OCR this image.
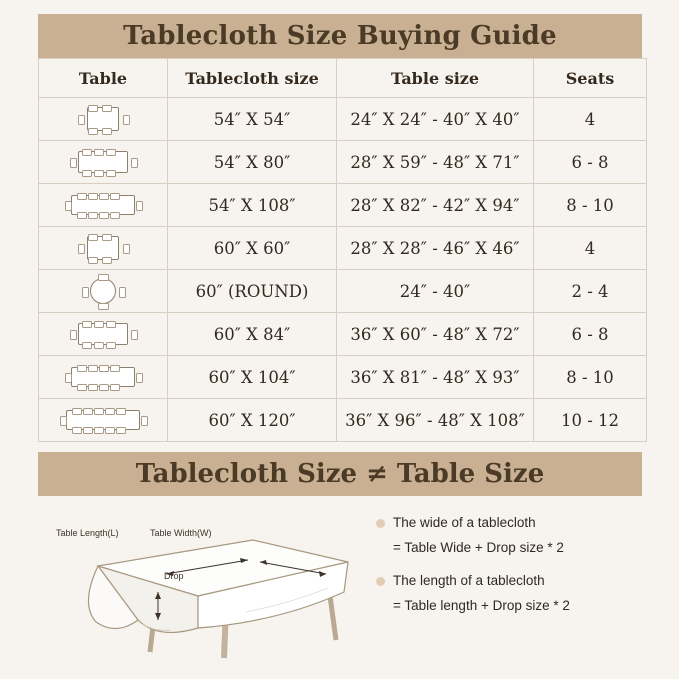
Tablecloth Size Buying Guide
Table	Tablecloth size	Table size	Seats

	54″ X 54″	24″ X 24″ - 40″ X 40″	4

	54″ X 80″	28″ X 59″ - 48″ X 71″	6 - 8

	54″ X 108″	28″ X 82″ - 42″ X 94″	8 - 10

	60″ X 60″	28″ X 28″ - 46″ X 46″	4

	60″ (ROUND)	24″ - 40″	2 - 4

	60″ X 84″	36″ X 60″ - 48″ X 72″	6 - 8

	60″ X 104″	36″ X 81″ - 48″ X 93″	8 - 10

	60″ X 120″	36″ X 96″ - 48″ X 108″	10 - 12
Tablecloth Size ≠ Table Size
Table Length(L)	Table Width(W)
Drop
The wide of a tablecloth
= Table Wide + Drop size * 2
The length of a tablecloth
= Table length + Drop size * 2
